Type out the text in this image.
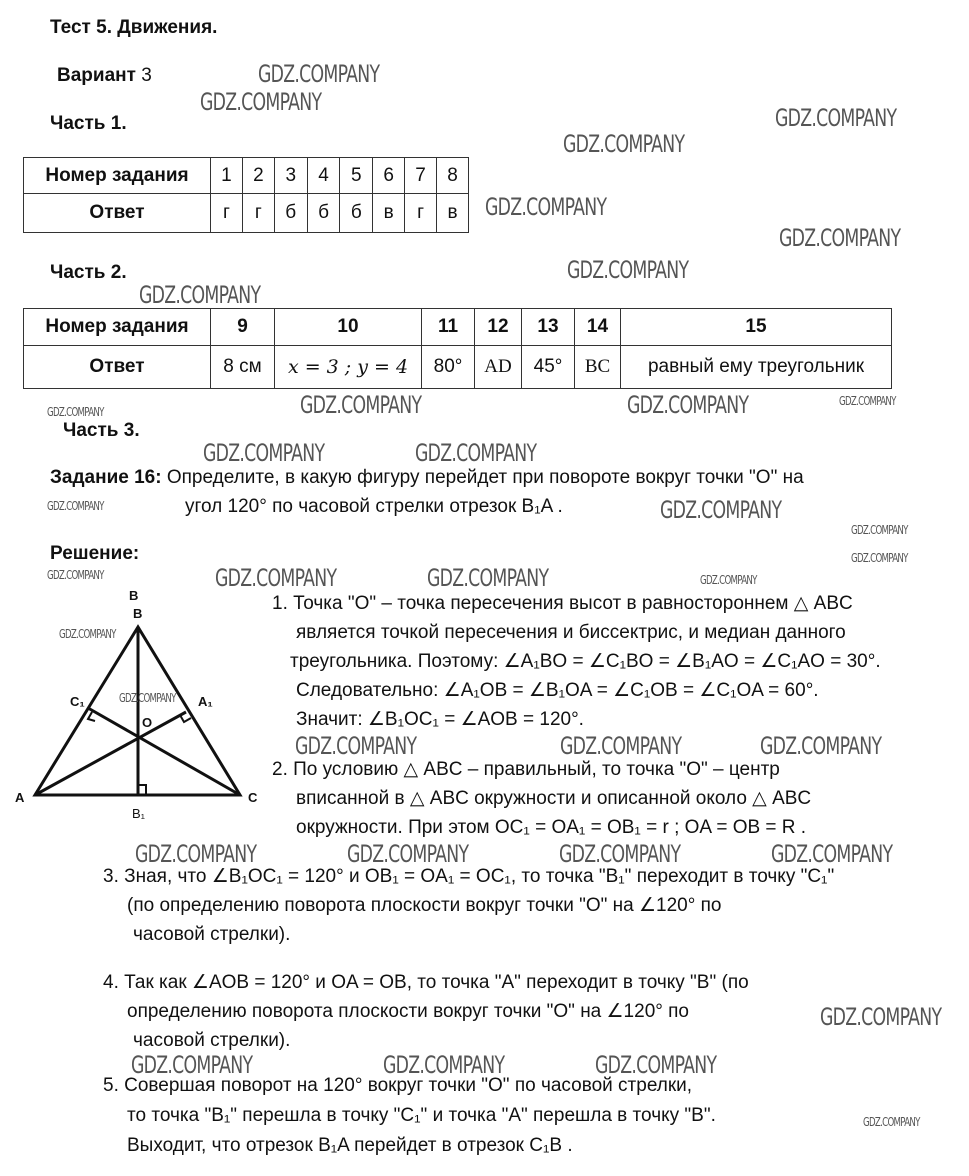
Тест 5. Движения.
Вариант 3
Часть 1.
Номер задания	1	2	3	4	5	6	7	8
Ответ	г	г	б	б	б	в	г	в
Часть 2.
Номер задания	9	10	11	12	13	14	15
Ответ	8 см	x = 3 ; y = 4	80°	AD	45°	BC	равный ему треугольник
Часть 3.
Задание 16: Определите, в какую фигуру перейдет при повороте вокруг точки "O" на
угол 120° по часовой стрелки отрезок B₁A .
Решение:
B
B
C₁	A₁
O
A	C
B₁
1. Точка "O" – точка пересечения высот в равностороннем △ ABC
является точкой пересечения и биссектрис, и медиан данного
треугольника. Поэтому: ∠A₁BO = ∠C₁BO = ∠B₁AO = ∠C₁AO = 30°.
Следовательно: ∠A₁OB = ∠B₁OA = ∠C₁OB = ∠C₁OA = 60°.
Значит: ∠B₁OC₁ = ∠AOB = 120°.
2. По условию △ ABC – правильный, то точка "O" – центр
вписанной в △ ABC окружности и описанной около △ ABC
окружности. При этом OC₁ = OA₁ = OB₁ = r ; OA = OB = R .
3. Зная, что ∠B₁OC₁ = 120° и OB₁ = OA₁ = OC₁, то точка "B₁" переходит в точку "C₁"
(по определению поворота плоскости вокруг точки "O" на ∠120° по
часовой стрелки).
4. Так как ∠AOB = 120° и OA = OB, то точка "A" переходит в точку "B" (по
определению поворота плоскости вокруг точки "O" на ∠120° по
часовой стрелки).
5. Совершая поворот на 120° вокруг точки "O" по часовой стрелки,
то точка "B₁" перешла в точку "C₁" и точка "A" перешла в точку "B".
Выходит, что отрезок B₁A перейдет в отрезок C₁B .
GDZ.COMPANY
GDZ.COMPANY
GDZ.COMPANY
GDZ.COMPANY
GDZ.COMPANY
GDZ.COMPANY
GDZ.COMPANY
GDZ.COMPANY
GDZ.COMPANY	GDZ.COMPANY	GDZ.COMPANY
GDZ.COMPANY
GDZ.COMPANY	GDZ.COMPANY
GDZ.COMPANY
GDZ.COMPANY	GDZ.COMPANY
GDZ.COMPANY
GDZ.COMPANY	GDZ.COMPANY	GDZ.COMPANY	GDZ.COMPANY
GDZ.COMPANY
GDZ.COMPANY
GDZ.COMPANY
GDZ.COMPANY	GDZ.COMPANY
GDZ.COMPANY	GDZ.COMPANY	GDZ.COMPANY	GDZ.COMPANY
GDZ.COMPANY
GDZ.COMPANY	GDZ.COMPANY
GDZ.COMPANY
GDZ.COMPANY
